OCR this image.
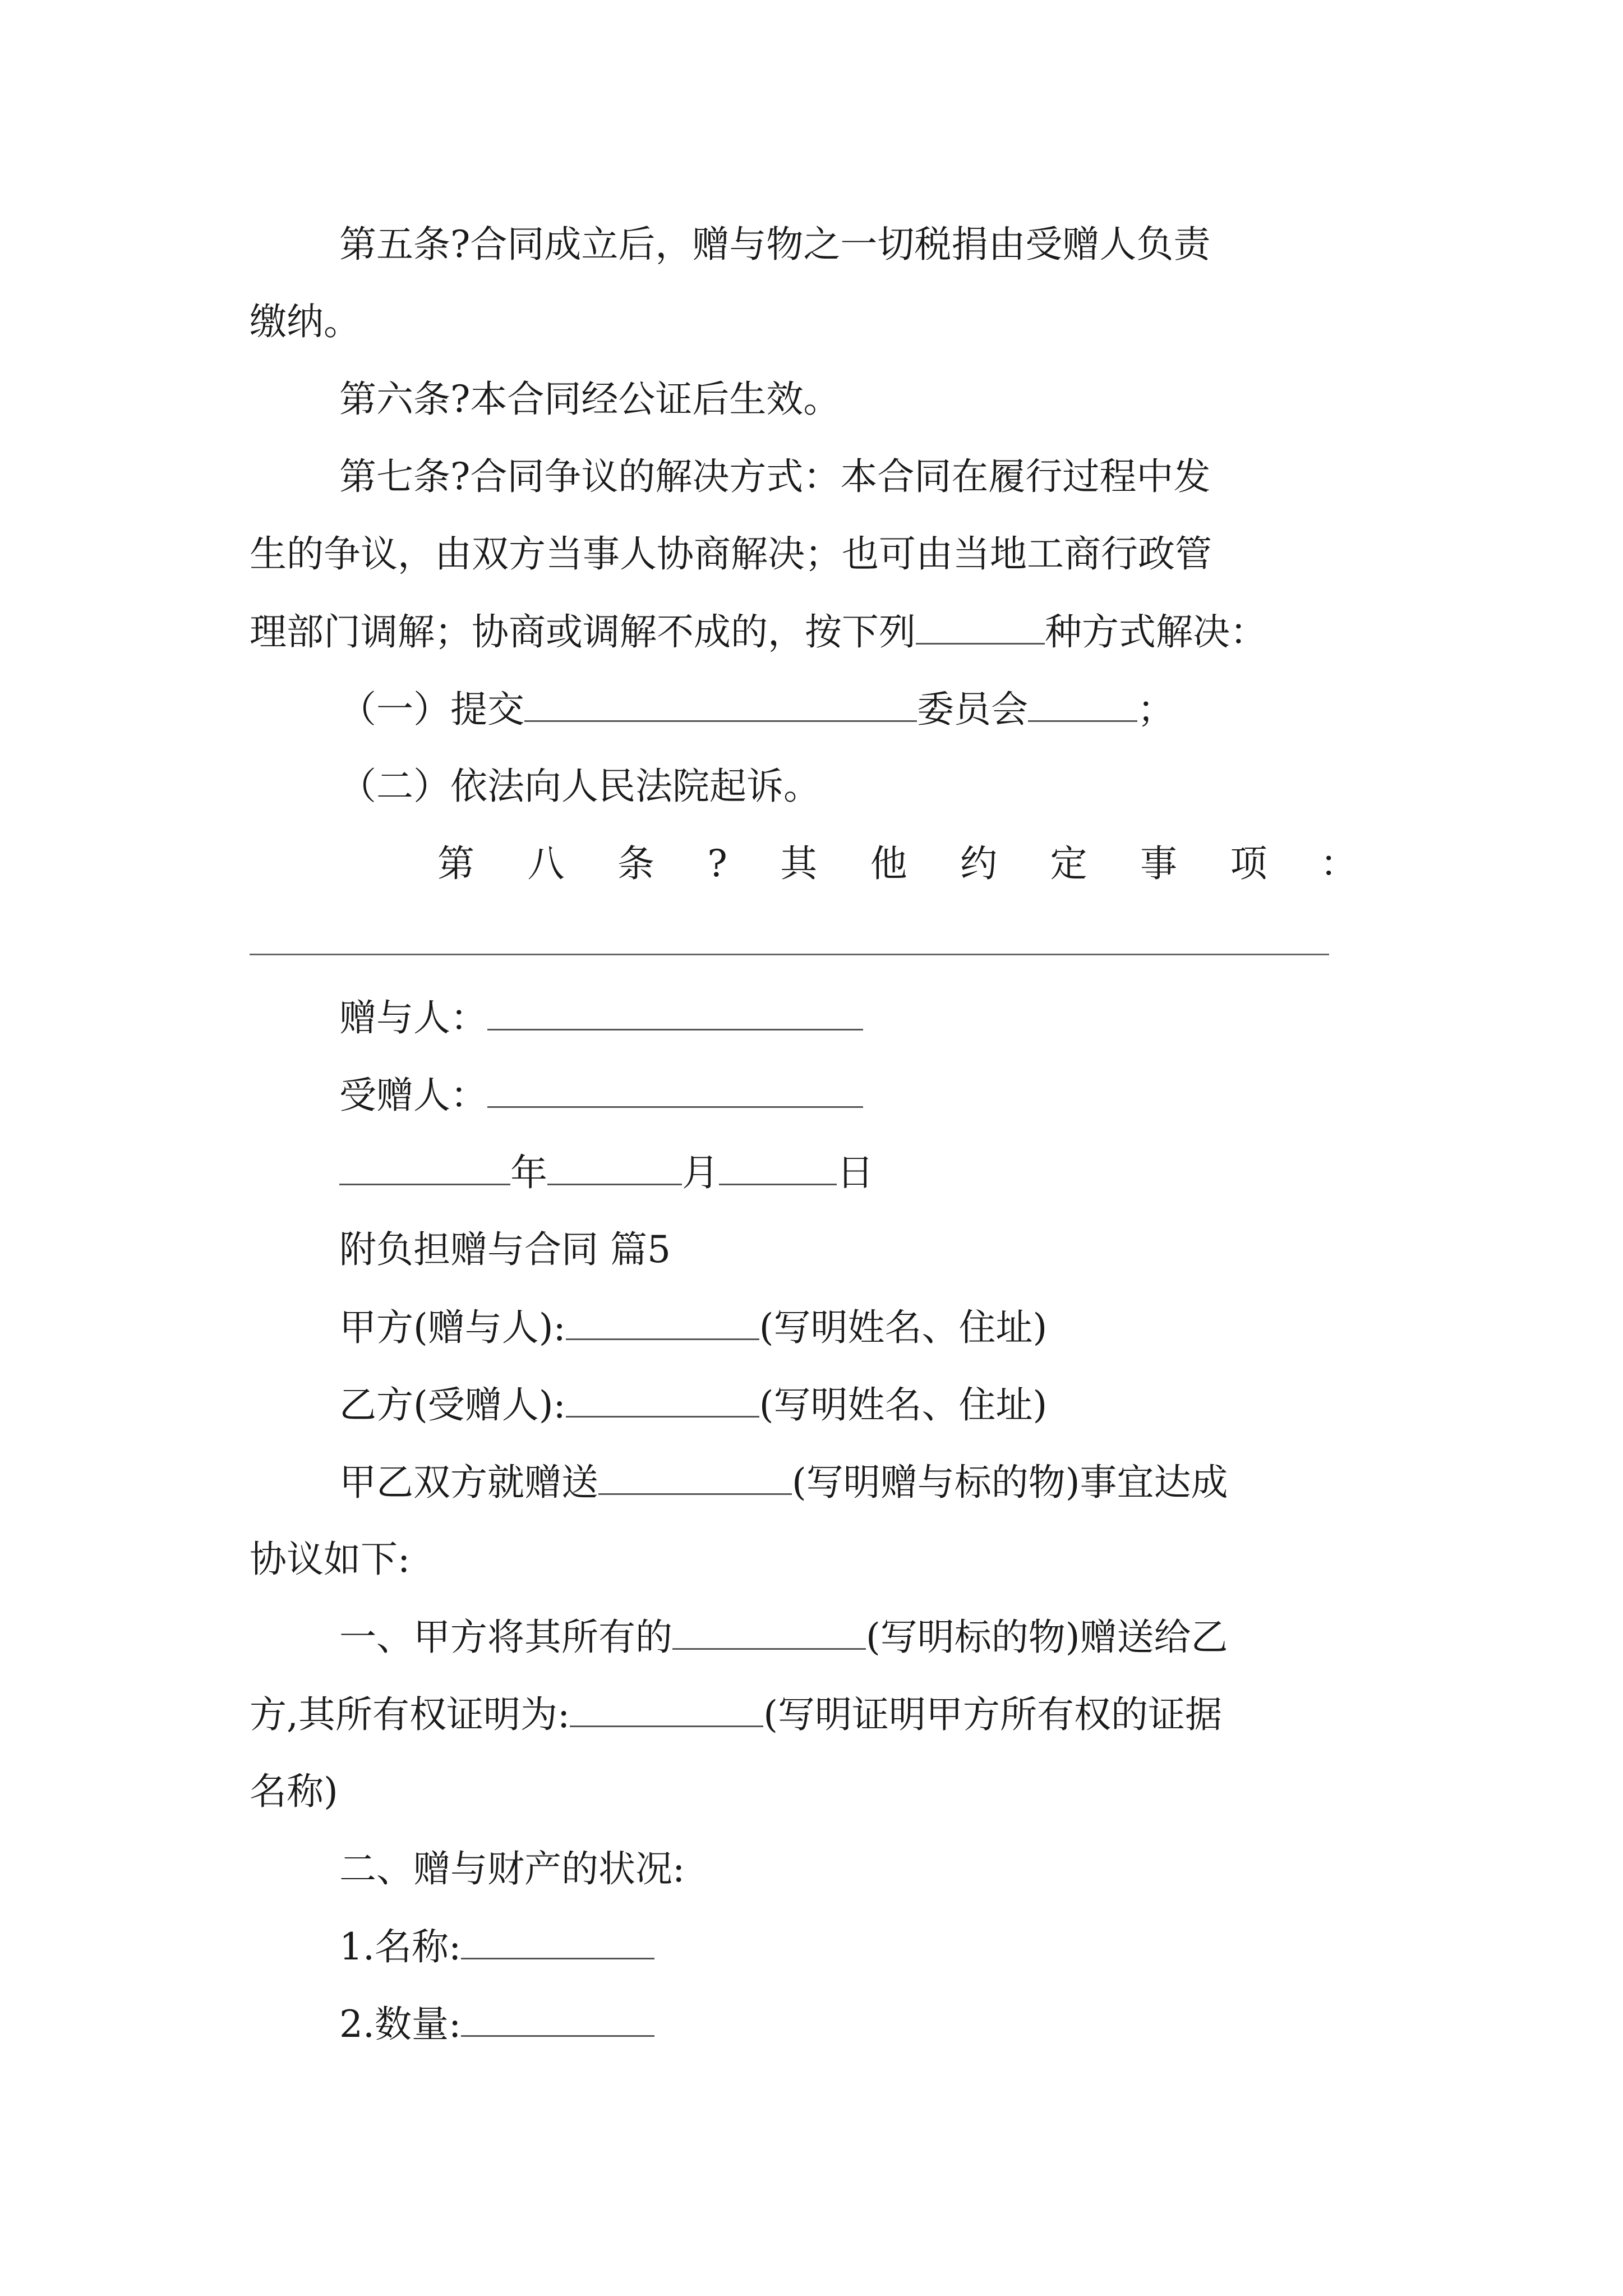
第五条?合同成立后，赠与物之一切税捐由受赠人负责
缴纳。
第六条?本合同经公证后生效。
第七条?合同争议的解决方式：本合同在履行过程中发
生的争议，由双方当事人协商解决；也可由当地工商行政管
理部门调解；协商或调解不成的，按下列	种方式解决：
（一）提交	委员会	；
（二）依法向人民法院起诉。
第 八 条 ? 其 他 约 定 事 项 ：
赠与人：
受赠人：
年	月	日
附负担赠与合同 篇5
甲方(赠与人):	(写明姓名、住址)
乙方(受赠人):	(写明姓名、住址)
甲乙双方就赠送	(写明赠与标的物)事宜达成
协议如下:
一、甲方将其所有的	(写明标的物)赠送给乙
方,其所有权证明为:	(写明证明甲方所有权的证据
名称)
二、赠与财产的状况:
1.名称:
2.数量:
